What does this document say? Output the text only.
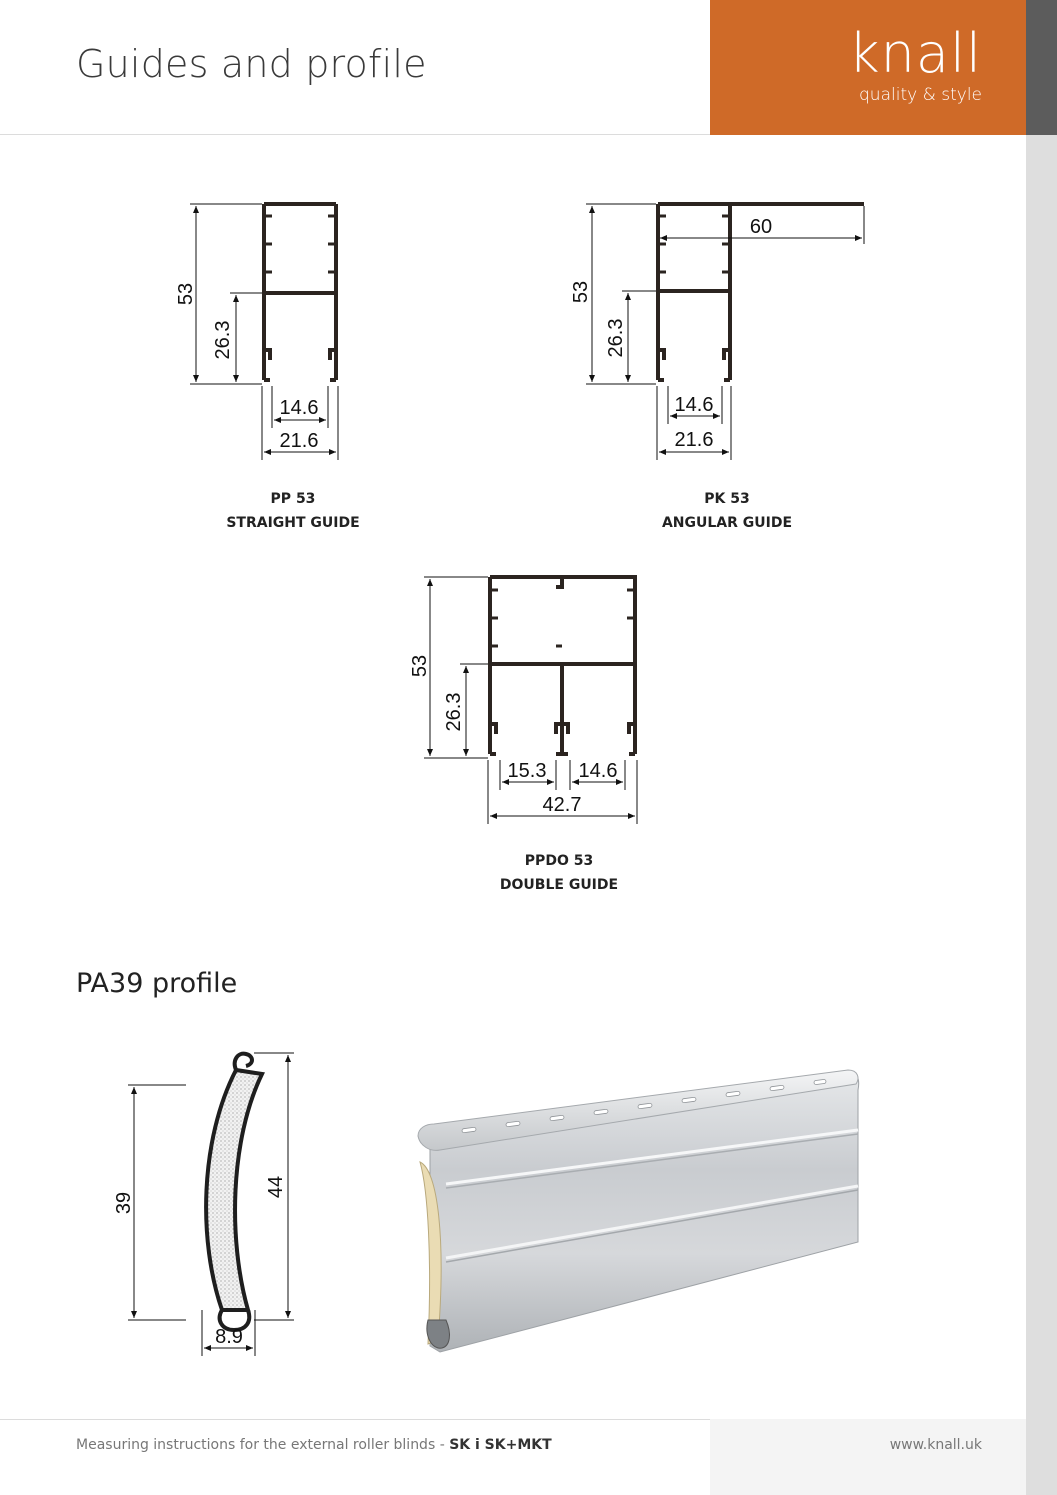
Guides and profile	knall
quality & style
53
26.3
14.6
21.6
60
53
26.3
14.6
21.6
53
26.3
15.3 14.6
42.7
39
44
8.9
PP 53
STRAIGHT GUIDE
PK 53
ANGULAR GUIDE
PPDO 53
DOUBLE GUIDE
PA39 profile
Measuring instructions for the external roller blinds - SK i SK+MKT	www.knall.uk
